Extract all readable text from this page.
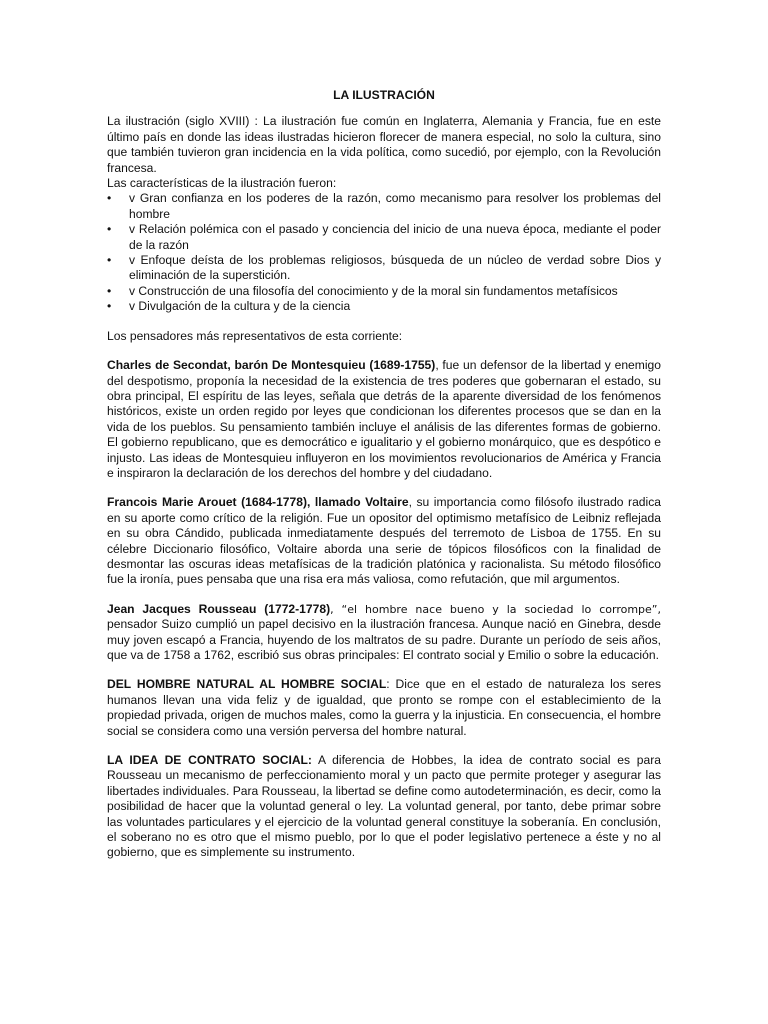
LA ILUSTRACIÓN

La ilustración (siglo XVIII) : La ilustración fue común en Inglaterra, Alemania y Francia, fue en este último país en donde las ideas ilustradas hicieron florecer de manera especial, no solo la cultura, sino que también tuvieron gran incidencia en la vida política, como sucedió, por ejemplo, con la Revolución francesa.

Las características de la ilustración fueron:

• v Gran confianza en los poderes de la razón, como mecanismo para resolver los problemas del hombre
• v Relación polémica con el pasado y conciencia del inicio de una nueva época, mediante el poder de la razón
• v Enfoque deísta de los problemas religiosos, búsqueda de un núcleo de verdad sobre Dios y eliminación de la superstición.
• v Construcción de una filosofía del conocimiento y de la moral sin fundamentos metafísicos
• v Divulgación de la cultura y de la ciencia

Los pensadores más representativos de esta corriente:

Charles de Secondat, barón De Montesquieu (1689-1755), fue un defensor de la libertad y enemigo del despotismo, proponía la necesidad de la existencia de tres poderes que gobernaran el estado, su obra principal, El espíritu de las leyes, señala que detrás de la aparente diversidad de los fenómenos históricos, existe un orden regido por leyes que condicionan los diferentes procesos que se dan en la vida de los pueblos. Su pensamiento también incluye el análisis de las diferentes formas de gobierno. El gobierno republicano, que es democrático e igualitario y el gobierno monárquico, que es despótico e injusto. Las ideas de Montesquieu influyeron en los movimientos revolucionarios de América y Francia e inspiraron la declaración de los derechos del hombre y del ciudadano.

Francois Marie Arouet (1684-1778), llamado Voltaire, su importancia como filósofo ilustrado radica en su aporte como crítico de la religión. Fue un opositor del optimismo metafísico de Leibniz reflejada en su obra Cándido, publicada inmediatamente después del terremoto de Lisboa de 1755. En su célebre Diccionario filosófico, Voltaire aborda una serie de tópicos filosóficos con la finalidad de desmontar las oscuras ideas metafísicas de la tradición platónica y racionalista. Su método filosófico fue la ironía, pues pensaba que una risa era más valiosa, como refutación, que mil argumentos.

Jean Jacques Rousseau (1772-1778), “el hombre nace bueno y la sociedad lo corrompe”, pensador Suizo cumplió un papel decisivo en la ilustración francesa. Aunque nació en Ginebra, desde muy joven escapó a Francia, huyendo de los maltratos de su padre. Durante un período de seis años, que va de 1758 a 1762, escribió sus obras principales: El contrato social y Emilio o sobre la educación.

DEL HOMBRE NATURAL AL HOMBRE SOCIAL: Dice que en el estado de naturaleza los seres humanos llevan una vida feliz y de igualdad, que pronto se rompe con el establecimiento de la propiedad privada, origen de muchos males, como la guerra y la injusticia. En consecuencia, el hombre social se considera como una versión perversa del hombre natural.

LA IDEA DE CONTRATO SOCIAL: A diferencia de Hobbes, la idea de contrato social es para Rousseau un mecanismo de perfeccionamiento moral y un pacto que permite proteger y asegurar las libertades individuales. Para Rousseau, la libertad se define como autodeterminación, es decir, como la posibilidad de hacer que la voluntad general o ley. La voluntad general, por tanto, debe primar sobre las voluntades particulares y el ejercicio de la voluntad general constituye la soberanía. En conclusión, el soberano no es otro que el mismo pueblo, por lo que el poder legislativo pertenece a éste y no al gobierno, que es simplemente su instrumento.
